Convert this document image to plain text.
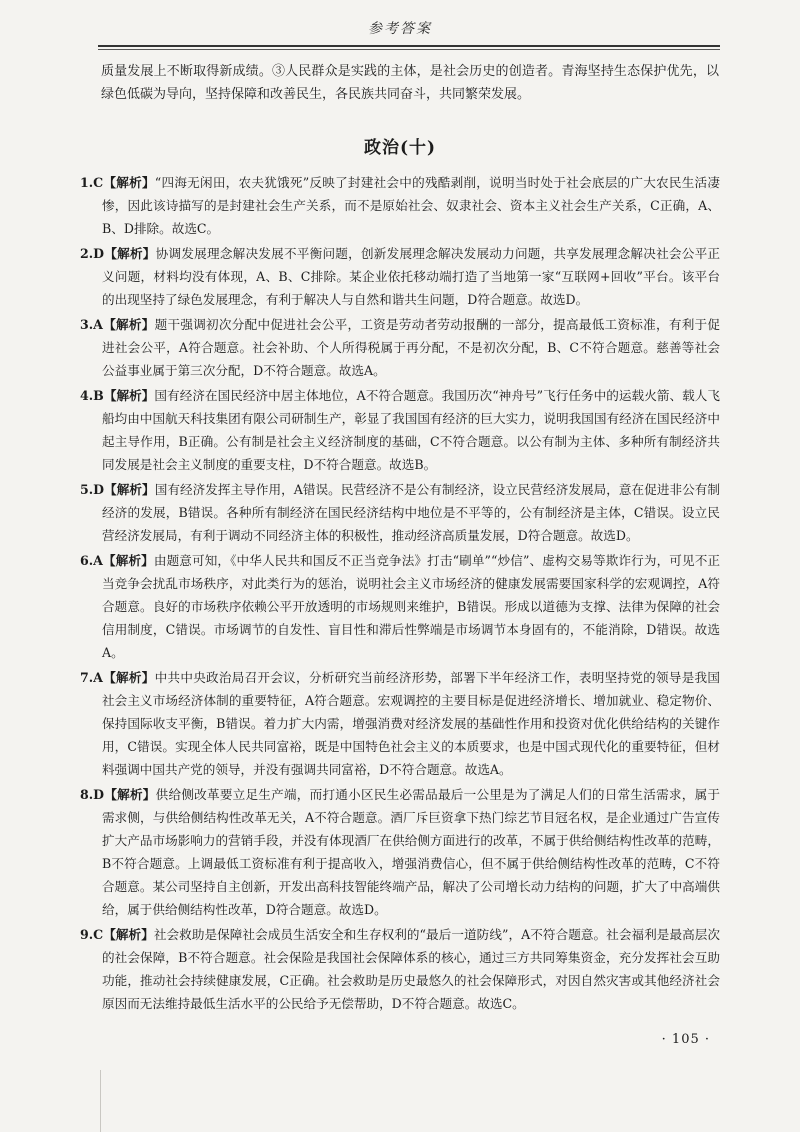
参考答案
质量发展上不断取得新成绩。③人民群众是实践的主体，是社会历史的创造者。青海坚持生态保护优先，以绿色低碳为导向，坚持保障和改善民生，各民族共同奋斗，共同繁荣发展。
政治(十)
1.C【解析】“四海无闲田，农夫犹饿死”反映了封建社会中的残酷剥削，说明当时处于社会底层的广大农民生活凄惨，因此该诗描写的是封建社会生产关系，而不是原始社会、奴隶社会、资本主义社会生产关系，C正确，A、B、D排除。故选C。
2.D【解析】协调发展理念解决发展不平衡问题，创新发展理念解决发展动力问题，共享发展理念解决社会公平正义问题，材料均没有体现，A、B、C排除。某企业依托移动端打造了当地第一家“互联网+回收”平台。该平台的出现坚持了绿色发展理念，有利于解决人与自然和谐共生问题，D符合题意。故选D。
3.A【解析】题干强调初次分配中促进社会公平，工资是劳动者劳动报酬的一部分，提高最低工资标准，有利于促进社会公平，A符合题意。社会补助、个人所得税属于再分配，不是初次分配，B、C不符合题意。慈善等社会公益事业属于第三次分配，D不符合题意。故选A。
4.B【解析】国有经济在国民经济中居主体地位，A不符合题意。我国历次“神舟号”飞行任务中的运载火箭、载人飞船均由中国航天科技集团有限公司研制生产，彰显了我国国有经济的巨大实力，说明我国国有经济在国民经济中起主导作用，B正确。公有制是社会主义经济制度的基础，C不符合题意。以公有制为主体、多种所有制经济共同发展是社会主义制度的重要支柱，D不符合题意。故选B。
5.D【解析】国有经济发挥主导作用，A错误。民营经济不是公有制经济，设立民营经济发展局，意在促进非公有制经济的发展，B错误。各种所有制经济在国民经济结构中地位是不平等的，公有制经济是主体，C错误。设立民营经济发展局，有利于调动不同经济主体的积极性，推动经济高质量发展，D符合题意。故选D。
6.A【解析】由题意可知，《中华人民共和国反不正当竞争法》打击“刷单”“炒信”、虚构交易等欺诈行为，可见不正当竞争会扰乱市场秩序，对此类行为的惩治，说明社会主义市场经济的健康发展需要国家科学的宏观调控，A符合题意。良好的市场秩序依赖公平开放透明的市场规则来维护，B错误。形成以道德为支撑、法律为保障的社会信用制度，C错误。市场调节的自发性、盲目性和滞后性弊端是市场调节本身固有的，不能消除，D错误。故选A。
7.A【解析】中共中央政治局召开会议，分析研究当前经济形势，部署下半年经济工作，表明坚持党的领导是我国社会主义市场经济体制的重要特征，A符合题意。宏观调控的主要目标是促进经济增长、增加就业、稳定物价、保持国际收支平衡，B错误。着力扩大内需，增强消费对经济发展的基础性作用和投资对优化供给结构的关键作用，C错误。实现全体人民共同富裕，既是中国特色社会主义的本质要求，也是中国式现代化的重要特征，但材料强调中国共产党的领导，并没有强调共同富裕，D不符合题意。故选A。
8.D【解析】供给侧改革要立足生产端，而打通小区民生必需品最后一公里是为了满足人们的日常生活需求，属于需求侧，与供给侧结构性改革无关，A不符合题意。酒厂斥巨资拿下热门综艺节目冠名权，是企业通过广告宣传扩大产品市场影响力的营销手段，并没有体现酒厂在供给侧方面进行的改革，不属于供给侧结构性改革的范畴，B不符合题意。上调最低工资标准有利于提高收入，增强消费信心，但不属于供给侧结构性改革的范畴，C不符合题意。某公司坚持自主创新，开发出高科技智能终端产品，解决了公司增长动力结构的问题，扩大了中高端供给，属于供给侧结构性改革，D符合题意。故选D。
9.C【解析】社会救助是保障社会成员生活安全和生存权利的“最后一道防线”，A不符合题意。社会福利是最高层次的社会保障，B不符合题意。社会保险是我国社会保障体系的核心，通过三方共同筹集资金，充分发挥社会互助功能，推动社会持续健康发展，C正确。社会救助是历史最悠久的社会保障形式，对因自然灾害或其他经济社会原因而无法维持最低生活水平的公民给予无偿帮助，D不符合题意。故选C。
· 105 ·
